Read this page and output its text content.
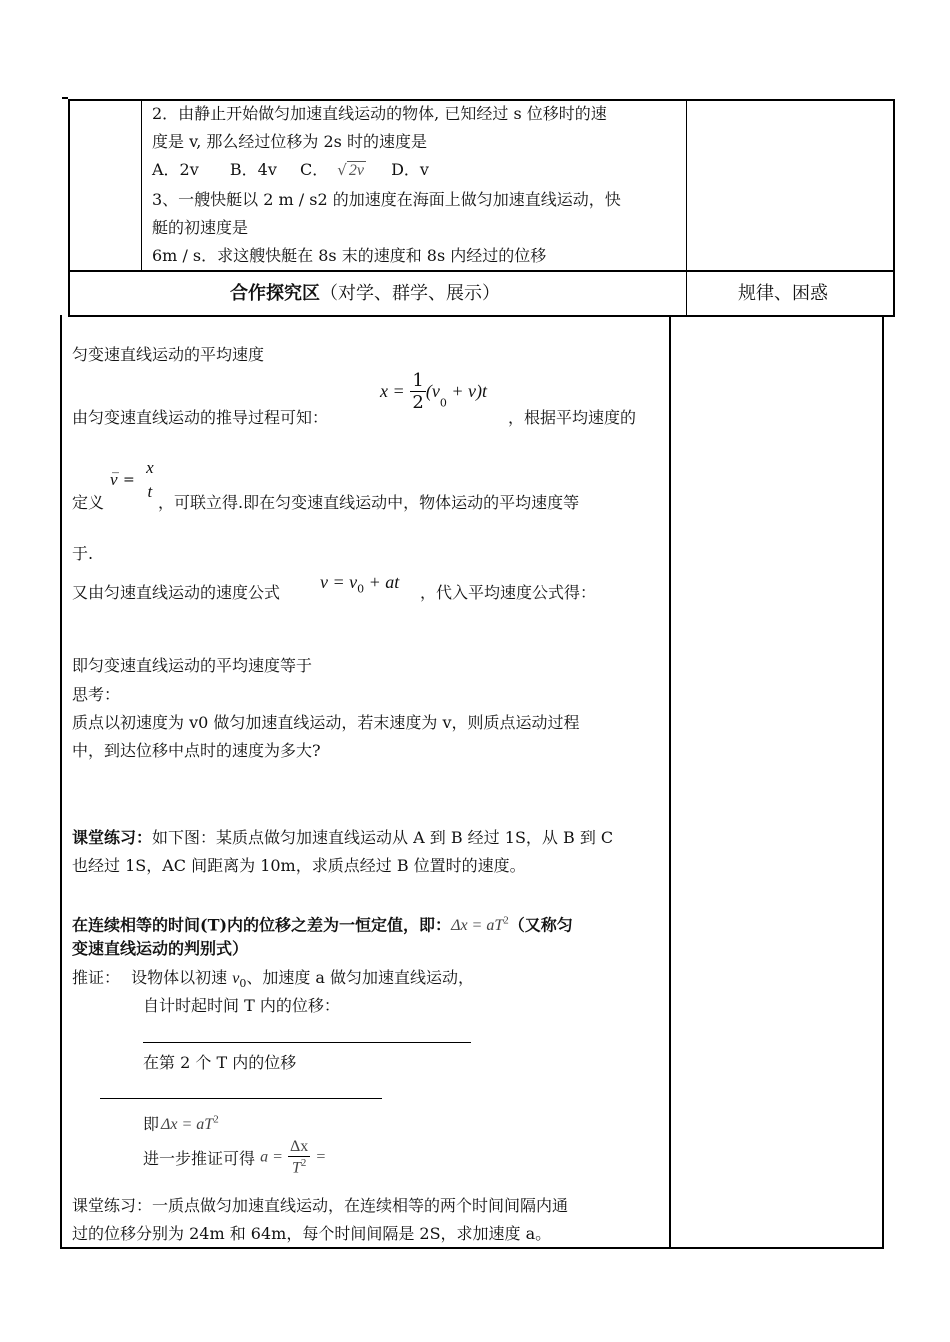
2．由静止开始做匀加速直线运动的物体, 已知经过 s 位移时的速
度是 v, 那么经过位移为 2s 时的速度是
A．2v B．4v C． √ 2v D．v
3、一艘快艇以 2 m / s2 的加速度在海面上做匀加速直线运动，快
艇的初速度是
6m / s．求这艘快艇在 8s 末的速度和 8s 内经过的位移
合作探究区（对学、群学、展示）	规律、困惑
匀变速直线运动的平均速度
$x = \frac{1}{2} (v_0 + v)t$
由匀变速直线运动的推导过程可知：	，根据平均速度的
定义
_
v =
x
t
，可联立得.即在匀变速直线运动中，物体运动的平均速度等
于.
又由匀速直线运动的速度公式
$v = v_0$ + at
，代入平均速度公式得：
即匀变速直线运动的平均速度等于
思考：
质点以初速度为 v0 做匀加速直线运动，若末速度为 v，则质点运动过程
中，到达位移中点时的速度为多大?
课堂练习：如下图：某质点做匀加速直线运动从 A 到 B 经过 1S，从 B 到 C
也经过 1S，AC 间距离为 10m，求质点经过 B 位置时的速度。
在连续相等的时间(T)内的位移之差为一恒定值，即：$\Delta x = aT^2$（又称匀
变速直线运动的判别式）
推证： 设物体以初速 $v_0$、加速度 a 做匀加速直线运动，
自计时起时间 T 内的位移：
在第 2 个 T 内的位移
即 $\Delta x = aT^2$
进一步推证可得 $a = \frac{\Delta x}{T^2}$ =
课堂练习：一质点做匀加速直线运动，在连续相等的两个时间间隔内通
过的位移分别为 24m 和 64m，每个时间间隔是 2S，求加速度 a。
